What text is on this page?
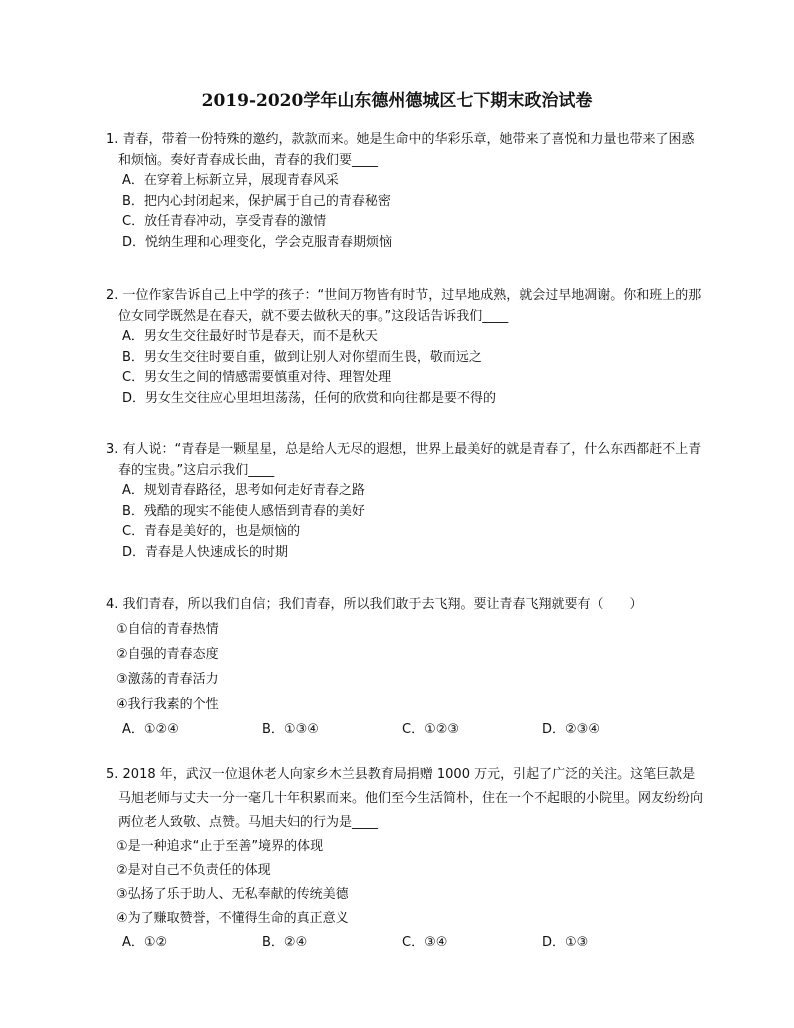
2019-2020学年山东德州德城区七下期末政治试卷

1. 青春，带着一份特殊的邀约，款款而来。她是生命中的华彩乐章，她带来了喜悦和力量也带来了困惑和烦恼。奏好青春成长曲，青春的我们要____

A．在穿着上标新立异，展现青春风采

B．把内心封闭起来，保护属于自己的青春秘密

C．放任青春冲动，享受青春的激情

D．悦纳生理和心理变化，学会克服青春期烦恼

2. 一位作家告诉自己上中学的孩子：“世间万物皆有时节，过早地成熟，就会过早地凋谢。你和班上的那位女同学既然是在春天，就不要去做秋天的事。”这段话告诉我们____

A．男女生交往最好时节是春天，而不是秋天

B．男女生交往时要自重，做到让别人对你望而生畏，敬而远之

C．男女生之间的情感需要慎重对待、理智处理

D．男女生交往应心里坦坦荡荡，任何的欣赏和向往都是要不得的

3. 有人说：“青春是一颗星星，总是给人无尽的遐想，世界上最美好的就是青春了，什么东西都赶不上青春的宝贵。”这启示我们____

A．规划青春路径，思考如何走好青春之路

B．残酷的现实不能使人感悟到青春的美好

C．青春是美好的，也是烦恼的

D．青春是人快速成长的时期

4. 我们青春，所以我们自信；我们青春，所以我们敢于去飞翔。要让青春飞翔就要有（　　）

①自信的青春热情

②自强的青春态度

③激荡的青春活力

④我行我素的个性

A．①②④	B．①③④	C．①②③	D．②③④

5. 2018 年，武汉一位退休老人向家乡木兰县教育局捐赠 1000 万元，引起了广泛的关注。这笔巨款是马旭老师与丈夫一分一毫几十年积累而来。他们至今生活简朴，住在一个不起眼的小院里。网友纷纷向两位老人致敬、点赞。马旭夫妇的行为是____

①是一种追求“止于至善”境界的体现

②是对自己不负责任的体现

③弘扬了乐于助人、无私奉献的传统美德

④为了赚取赞誉，不懂得生命的真正意义

A．①②	B．②④	C．③④	D．①③
